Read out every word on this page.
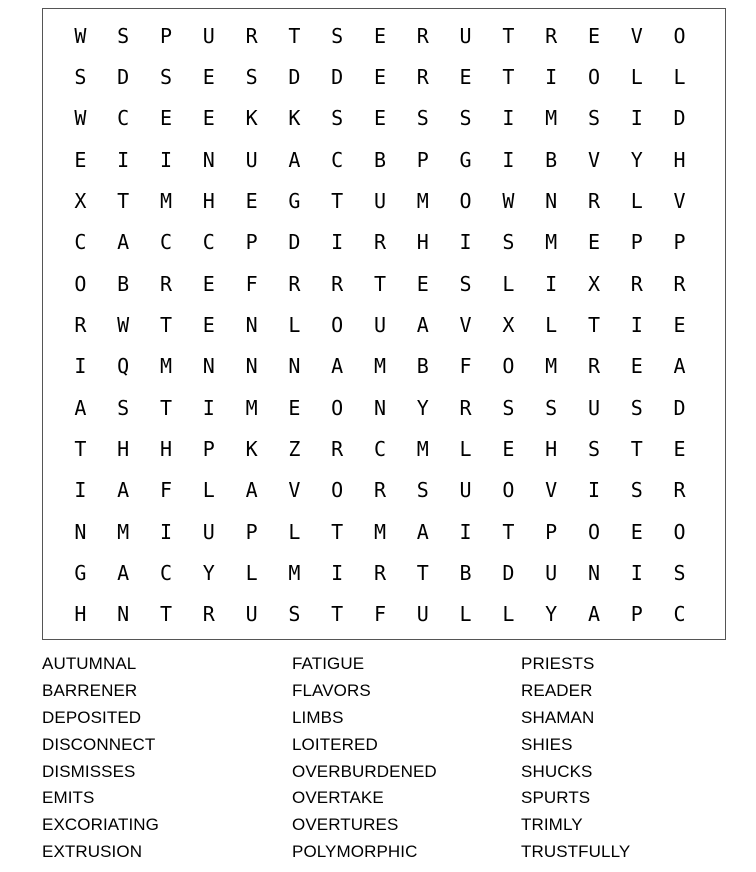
W	S	P	U	R	T	S	E	R	U	T	R	E	V	O
S	D	S	E	S	D	D	E	R	E	T	I	O	L	L
W	C	E	E	K	K	S	E	S	S	I	M	S	I	D
E	I	I	N	U	A	C	B	P	G	I	B	V	Y	H
X	T	M	H	E	G	T	U	M	O	W	N	R	L	V
C	A	C	C	P	D	I	R	H	I	S	M	E	P	P
O	B	R	E	F	R	R	T	E	S	L	I	X	R	R
R	W	T	E	N	L	O	U	A	V	X	L	T	I	E
I	Q	M	N	N	N	A	M	B	F	O	M	R	E	A
A	S	T	I	M	E	O	N	Y	R	S	S	U	S	D
T	H	H	P	K	Z	R	C	M	L	E	H	S	T	E
I	A	F	L	A	V	O	R	S	U	O	V	I	S	R
N	M	I	U	P	L	T	M	A	I	T	P	O	E	O
G	A	C	Y	L	M	I	R	T	B	D	U	N	I	S
H	N	T	R	U	S	T	F	U	L	L	Y	A	P	C
AUTUMNAL
BARRENER
DEPOSITED
DISCONNECT
DISMISSES
EMITS
EXCORIATING
EXTRUSION
FATIGUE
FLAVORS
LIMBS
LOITERED
OVERBURDENED
OVERTAKE
OVERTURES
POLYMORPHIC
PRIESTS
READER
SHAMAN
SHIES
SHUCKS
SPURTS
TRIMLY
TRUSTFULLY
